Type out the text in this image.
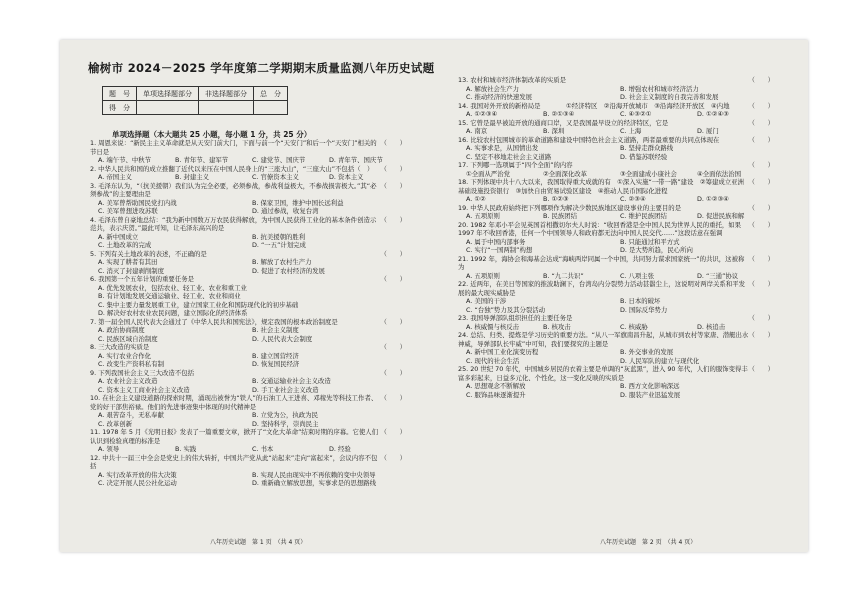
榆树市 2024－2025 学年度第二学期期末质量监测八年历史试题
题　号	单项选择题部分	非选择题部分	总　分
得　分			
单项选择题（本大题共 25 小题，每小题 1 分，共 25 分）
（　　）

1. 周恩来说：“新民主主义革命就是从天安门前大门，下面与前一个“天安门”和后一个“天安门”相关的节日是

A. 端午节、中秋节	B. 青年节、建军节	C. 建党节、国庆节	D. 青年节、国庆节
（　　）

2. 中华人民共和国的成立推翻了近代以来压在中国人民身上的“三座大山”，“三座大山”不包括（　）

A. 帝国主义	B. 封建主义	C. 官僚资本主义	D. 资本主义
（　　）

3. 毛泽东认为，“（抗美援朝）我们认为完全必要，必须参战，参战利益极大，不参战损害极大。”其“必须参战”的主要理由是

A. 美军曾帮助国民党打内战	B. 保家卫国，维护中国长远利益
C. 美军曾想进攻苏联	D. 通过参战，收复台湾
（　　）

4. 毛泽东曾自豪地总结：“我为新中国数万万农民获得解放，为中国人民获得工业化的基本条件创造示范共，表示庆贺。”最此可知，让毛泽东高兴的是

A. 新中国成立	B. 抗美援朝的胜利
C. 土地改革的完成	D. “一五”计划完成
（　　）

5. 下列有关土地改革的表述，不正确的是

A. 实现了耕者有其田	B. 解放了农村生产力
C. 消灭了封建剥削制度	D. 促进了农村经济的发展
（　　）

6. 我国第一个五年计划的重要任务是

A. 优先发展农业，包括农业、轻工业、农业和重工业
B. 有计划地发展交通运输业、轻工业、农业和商业
C. 集中主要力量发展重工业，建立国家工业化和国防现代化的初步基础
D. 解决好农村农业农民问题，建立国际化的经济体系
（　　）

7. 第一届全国人民代表大会通过了《中华人民共和国宪法》，规定我国的根本政治制度是

A. 政治协商制度	B. 社会主义制度
C. 民族区域自治制度	D. 人民代表大会制度
（　　）

8. 三大改造的实质是

A. 实行农业合作化	B. 建立国营经济
C. 改变生产资料私有制	D. 恢复国民经济
（　　）

9. 下列我国社会主义三大改造不包括

A. 农业社会主义改造	B. 交通运输业社会主义改造
C. 资本主义工商业社会主义改造	D. 手工业社会主义改造
（　　）

10. 在社会主义建设道路的探索时期，涌现出被誉为“铁人”的石油工人王进喜、邓稼先等科技工作者、党的好干部焦裕禄。他们的先进事迹集中体现的时代精神是

A. 艰苦奋斗，无私奉献	B. 立党为公，执政为民
C. 改革创新	D. 坚持科学，崇尚民主
（　　）

11. 1978 年 5 月《光明日报》发表了一篇重要文章，掀开了“文化大革命”结束时期的序幕。它使人们认识到检验真理的标准是

A. 领导	B. 实践	C. 书本	D. 经验
（　　）

12. 中共十一届三中全会是党史上的伟大转折，中国共产党从此“站起来”走向“富起来”，会议内容不包括

A. 实行改革开放的伟大决策	B. 实现人民由现实中不再依赖的变中央领导
C. 决定开展人民公社化运动	D. 重新确立解放思想，实事求是的思想路线
（　　）

13. 农村和城市经济体制改革的实质是

A. 解放社会生产力	B. 增强农村和城市经济活力
C. 推动经济的快速发展	D. 社会主义制度的自我完善和发展
（　　）

14. 我国对外开放的新格局是　　　　①经济特区　②沿海开放城市　③沿海经济开放区　④内地

A. ①②③④	B. ②①③④	C. ④③②①	D. ①②④③
（　　）

15. 它曾是最早被迫开放的通商口岸，又是我国最早设立的经济特区，它是

A. 南京	B. 深圳	C. 上海	D. 厦门
（　　）

16. 比较农村包围城市的革命道路和建设中国特色社会主义道路，两者最重要的共同点体现在

A. 实事求是，从国情出发	B. 坚持走群众路线
C. 坚定不移地走社会主义道路	D. 借鉴苏联经验
（　　）

17. 下列哪一选项属于“四个全面”的内容

①全面从严治党	②全面深化改革	③全面建成小康社会	④全面依法治国
（　　）

18. 下列体现中共十八大以来，我国取得重大成就的有　①深入实施“一带一路”建设　②筹建成立亚洲基础设施投资银行　③加快自由贸易试验区建设　④推动人民币国际化进程

A. ①②	B. ①②③	C. ②③④	D. ①②③④
（　　）

19. 中华人民政府始终把下列哪项作为解决少数民族地区建设事业的主要目的是

A. 五项原则	B. 民族团结	C. 维护民族团结	D. 促进民族和解
（　　）

20. 1982 年邓小平会见英国首相撒切尔夫人时说：“收回香港是全中国人民为世界人民的重托，如果 1997 年不收回香港，任何一个中国领导人和政府都无法向中国人民交代……”这段话意在强调

A. 属于中国内部事务	B. 只能通过和平方式
C. 实行“一国两制”构想	D. 是大势所趋，民心所向
（　　）

21. 1992 年，海协会和海基会达成“海峡两岸同属一个中国，共同努力谋求国家统一”的共识，这被称为

A. 五项原则	B. “九二共识”	C. 八项主张	D. “三通”协议
（　　）

22. 近两年，在美日等国家的推波助澜下，台湾岛内分裂势力活动甚嚣尘上，这说明对两岸关系和平发展的最大现实威胁是

A. 美国的干涉	B. 日本的破坏
C. “台独”势力及其分裂活动	D. 国际反华势力
（　　）

23. 我国导弹部队组织担任的主要任务是

A. 核威慑与核反击	B. 核攻击	C. 核威胁	D. 核追击
（　　）

24. 总结、归类、提炼是学习历史的重要方法。“从八一军旗南昌升起，从城市到农村等家唐、潜艇出水神威，导弹部队长牢威”中可知，我们要探究的主题是

A. 新中国工业化演变历程	B. 外交事业的发展
C. 现代的社会生活	D. 人民军队的建立与现代化
（　　）

25. 20 世纪 70 年代，中国城乡居民的衣着主要是单调的“灰蓝黑”，进入 90 年代，人们的服饰变得丰富多彩起来，日益多元化、个性化，这一变化反映的实质是

A. 思想观念不断解放	B. 西方文化影响深远
C. 服饰品味逐渐提升	D. 服装产业迅猛发展
八年历史试题　第 1 页　（共 4 页）	八年历史试题　第 2 页　（共 4 页）
